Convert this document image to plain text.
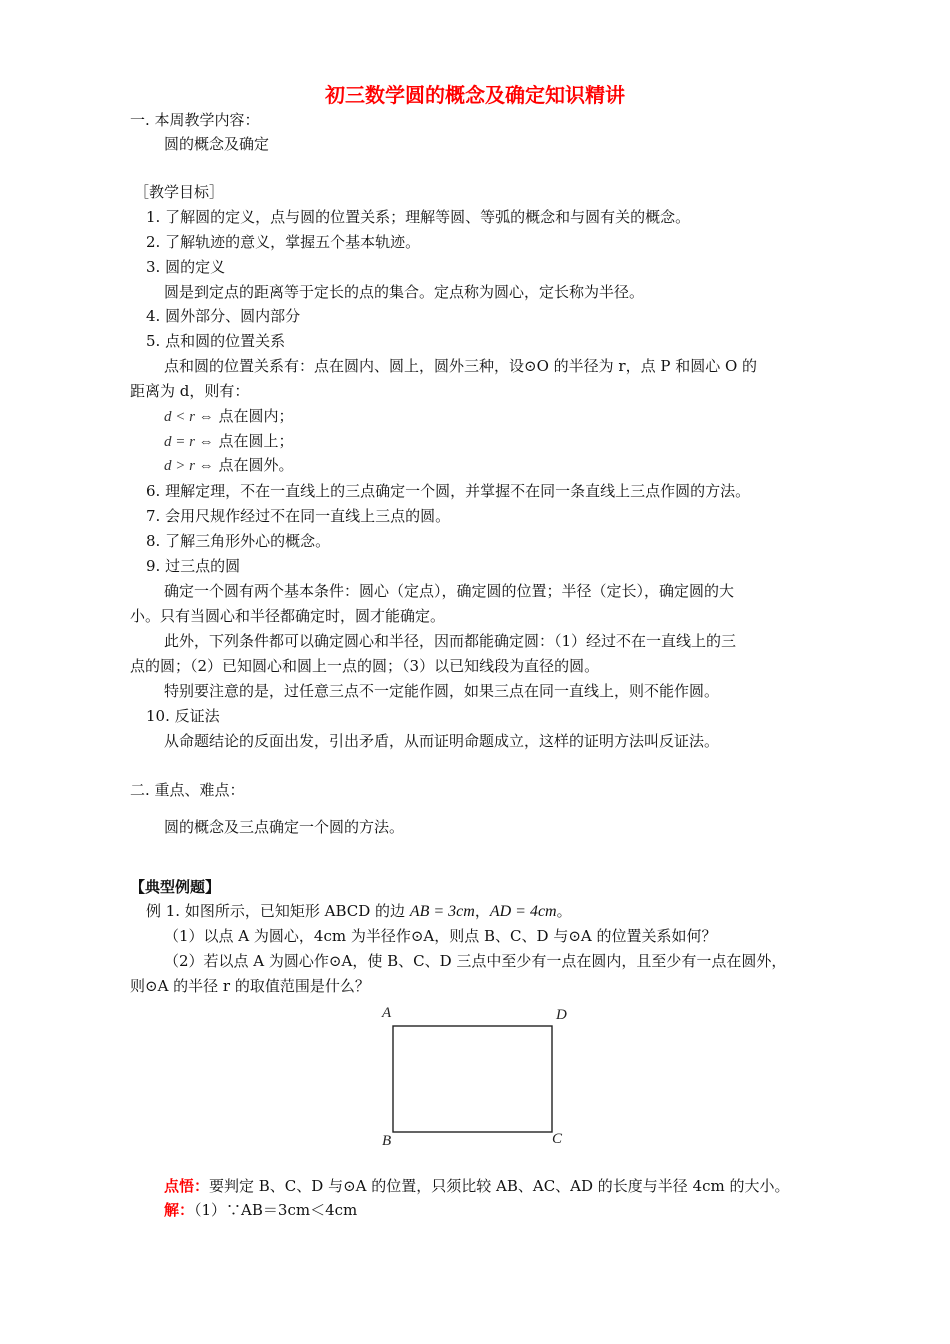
初三数学圆的概念及确定知识精讲
一. 本周教学内容：
圆的概念及确定
［教学目标］
1. 了解圆的定义，点与圆的位置关系；理解等圆、等弧的概念和与圆有关的概念。
2. 了解轨迹的意义，掌握五个基本轨迹。
3. 圆的定义
圆是到定点的距离等于定长的点的集合。定点称为圆心，定长称为半径。
4. 圆外部分、圆内部分
5. 点和圆的位置关系
点和圆的位置关系有：点在圆内、圆上，圆外三种，设⊙O 的半径为 r，点 P 和圆心 O 的
距离为 d，则有：
d < r ⇔ 点在圆内；
d = r ⇔ 点在圆上；
d > r ⇔ 点在圆外。
6. 理解定理，不在一直线上的三点确定一个圆，并掌握不在同一条直线上三点作圆的方法。
7. 会用尺规作经过不在同一直线上三点的圆。
8. 了解三角形外心的概念。
9. 过三点的圆
确定一个圆有两个基本条件：圆心（定点），确定圆的位置；半径（定长），确定圆的大
小。只有当圆心和半径都确定时，圆才能确定。
此外，下列条件都可以确定圆心和半径，因而都能确定圆：（1）经过不在一直线上的三
点的圆；（2）已知圆心和圆上一点的圆；（3）以已知线段为直径的圆。
特别要注意的是，过任意三点不一定能作圆，如果三点在同一直线上，则不能作圆。
10. 反证法
从命题结论的反面出发，引出矛盾，从而证明命题成立，这样的证明方法叫反证法。
二. 重点、难点：
圆的概念及三点确定一个圆的方法。
【典型例题】
例 1. 如图所示，已知矩形 ABCD 的边 AB = 3cm，AD = 4cm。
（1）以点 A 为圆心，4cm 为半径作⊙A，则点 B、C、D 与⊙A 的位置关系如何？
（2）若以点 A 为圆心作⊙A，使 B、C、D 三点中至少有一点在圆内，且至少有一点在圆外，
则⊙A 的半径 r 的取值范围是什么？
A	D
B	C
点悟：要判定 B、C、D 与⊙A 的位置，只须比较 AB、AC、AD 的长度与半径 4cm 的大小。
解：（1）∵AB＝3cm＜4cm
